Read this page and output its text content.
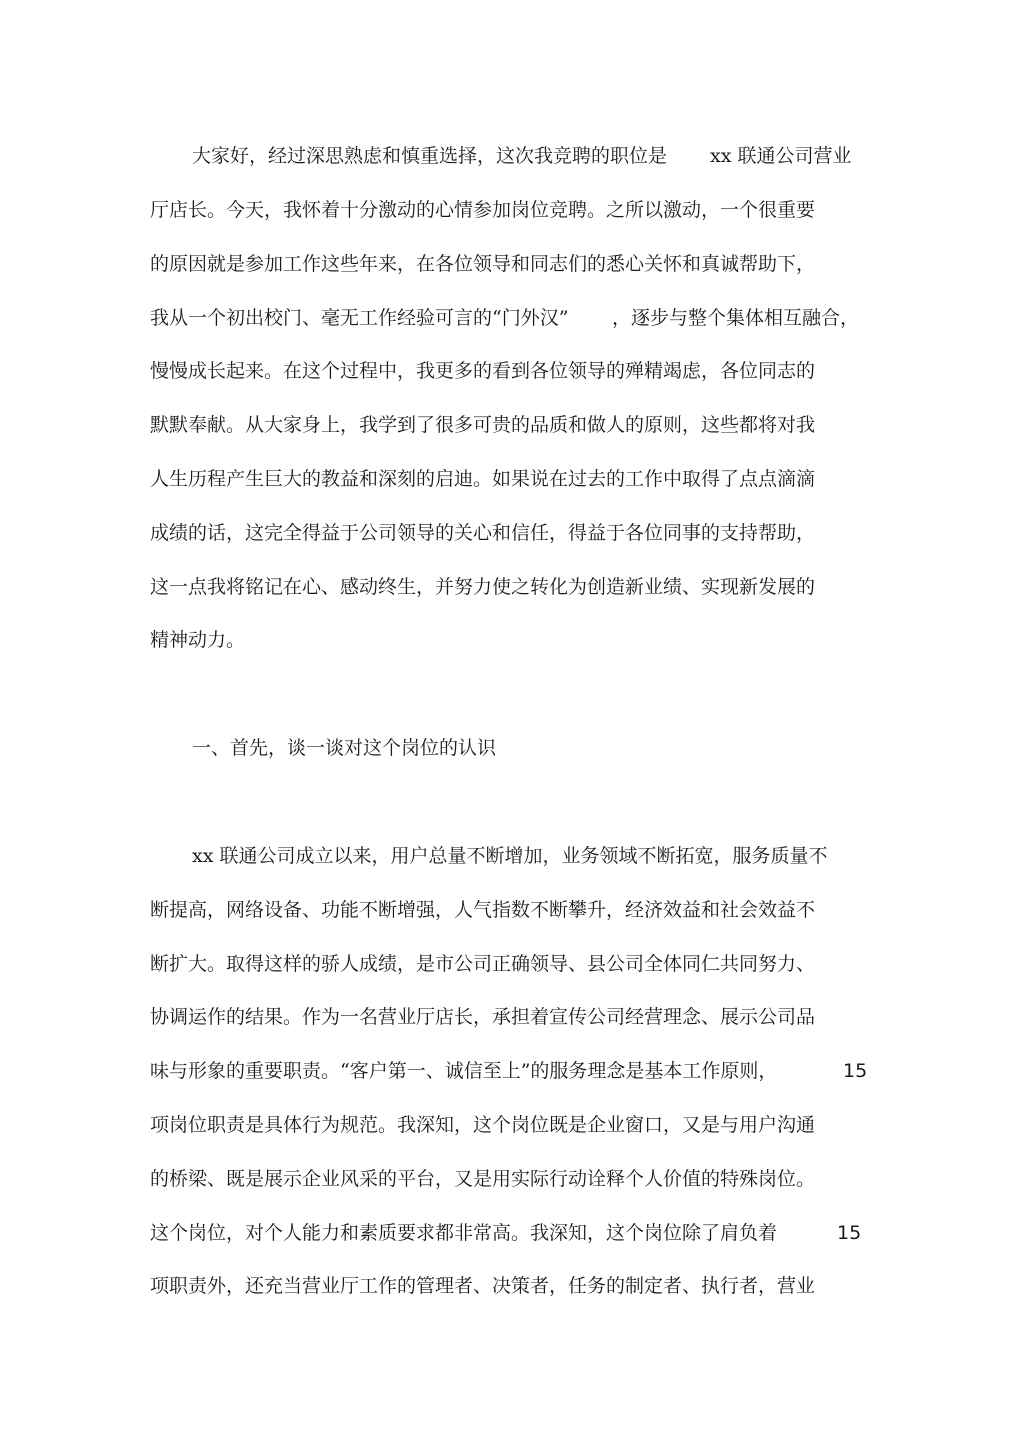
大家好，经过深思熟虑和慎重选择，这次我竞聘的职位是 xx 联通公司营业
厅店长。今天，我怀着十分激动的心情参加岗位竞聘。之所以激动，一个很重要
的原因就是参加工作这些年来，在各位领导和同志们的悉心关怀和真诚帮助下，
我从一个初出校门、毫无工作经验可言的“门外汉” ，逐步与整个集体相互融合，
慢慢成长起来。在这个过程中，我更多的看到各位领导的殚精竭虑，各位同志的
默默奉献。从大家身上，我学到了很多可贵的品质和做人的原则，这些都将对我
人生历程产生巨大的教益和深刻的启迪。如果说在过去的工作中取得了点点滴滴
成绩的话，这完全得益于公司领导的关心和信任，得益于各位同事的支持帮助，
这一点我将铭记在心、感动终生，并努力使之转化为创造新业绩、实现新发展的
精神动力。
一、首先，谈一谈对这个岗位的认识
xx 联通公司成立以来，用户总量不断增加，业务领域不断拓宽，服务质量不
断提高，网络设备、功能不断增强，人气指数不断攀升，经济效益和社会效益不
断扩大。取得这样的骄人成绩，是市公司正确领导、县公司全体同仁共同努力、
协调运作的结果。作为一名营业厅店长，承担着宣传公司经营理念、展示公司品
味与形象的重要职责。“客户第一、诚信至上”的服务理念是基本工作原则，	15
项岗位职责是具体行为规范。我深知，这个岗位既是企业窗口，又是与用户沟通
的桥梁、既是展示企业风采的平台，又是用实际行动诠释个人价值的特殊岗位。
这个岗位，对个人能力和素质要求都非常高。我深知，这个岗位除了肩负着	15
项职责外，还充当营业厅工作的管理者、决策者，任务的制定者、执行者，营业
